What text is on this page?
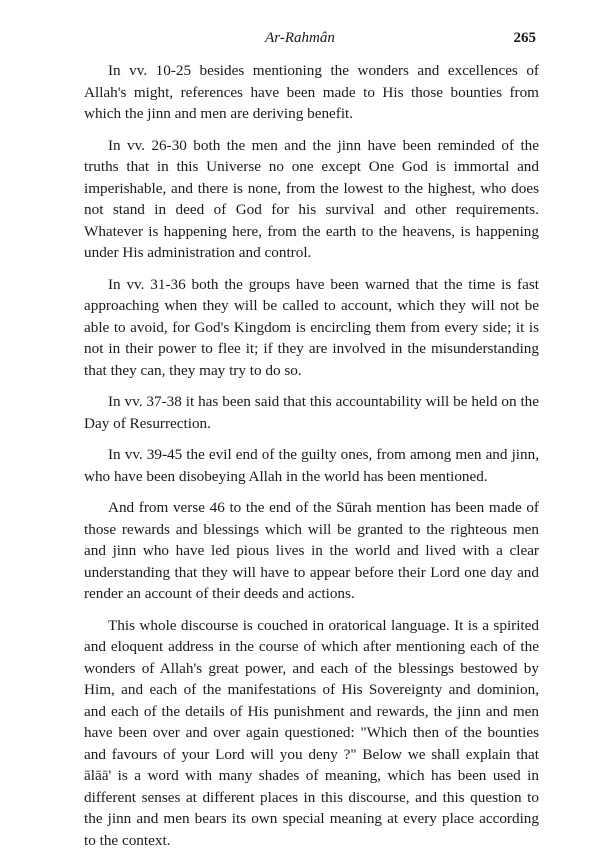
Ar-Rahmân	265

In vv. 10-25 besides mentioning the wonders and excellences of Allah's might, references have been made to His those bounties from which the jinn and men are deriving benefit.

In vv. 26-30 both the men and the jinn have been reminded of the truths that in this Universe no one except One God is immortal and imperishable, and there is none, from the lowest to the highest, who does not stand in deed of God for his survival and other requirements. Whatever is happening here, from the earth to the heavens, is happening under His administration and control.

In vv. 31-36 both the groups have been warned that the time is fast approaching when they will be called to account, which they will not be able to avoid, for God's Kingdom is encircling them from every side; it is not in their power to flee it; if they are involved in the misunderstanding that they can, they may try to do so.

In vv. 37-38 it has been said that this accountability will be held on the Day of Resurrection.

In vv. 39-45 the evil end of the guilty ones, from among men and jinn, who have been disobeying Allah in the world has been mentioned.

And from verse 46 to the end of the Sūrah mention has been made of those rewards and blessings which will be granted to the righteous men and jinn who have led pious lives in the world and lived with a clear understanding that they will have to appear before their Lord one day and render an account of their deeds and actions.

This whole discourse is couched in oratorical language. It is a spirited and eloquent address in the course of which after mentioning each of the wonders of Allah's great power, and each of the blessings bestowed by Him, and each of the manifestations of His Sovereignty and dominion, and each of the details of His punishment and rewards, the jinn and men have been over and over again questioned: "Which then of the bounties and favours of your Lord will you deny ?" Below we shall explain that ālāā' is a word with many shades of meaning, which has been used in different senses at different places in this discourse, and this question to the jinn and men bears its own special meaning at every place according to the context.
